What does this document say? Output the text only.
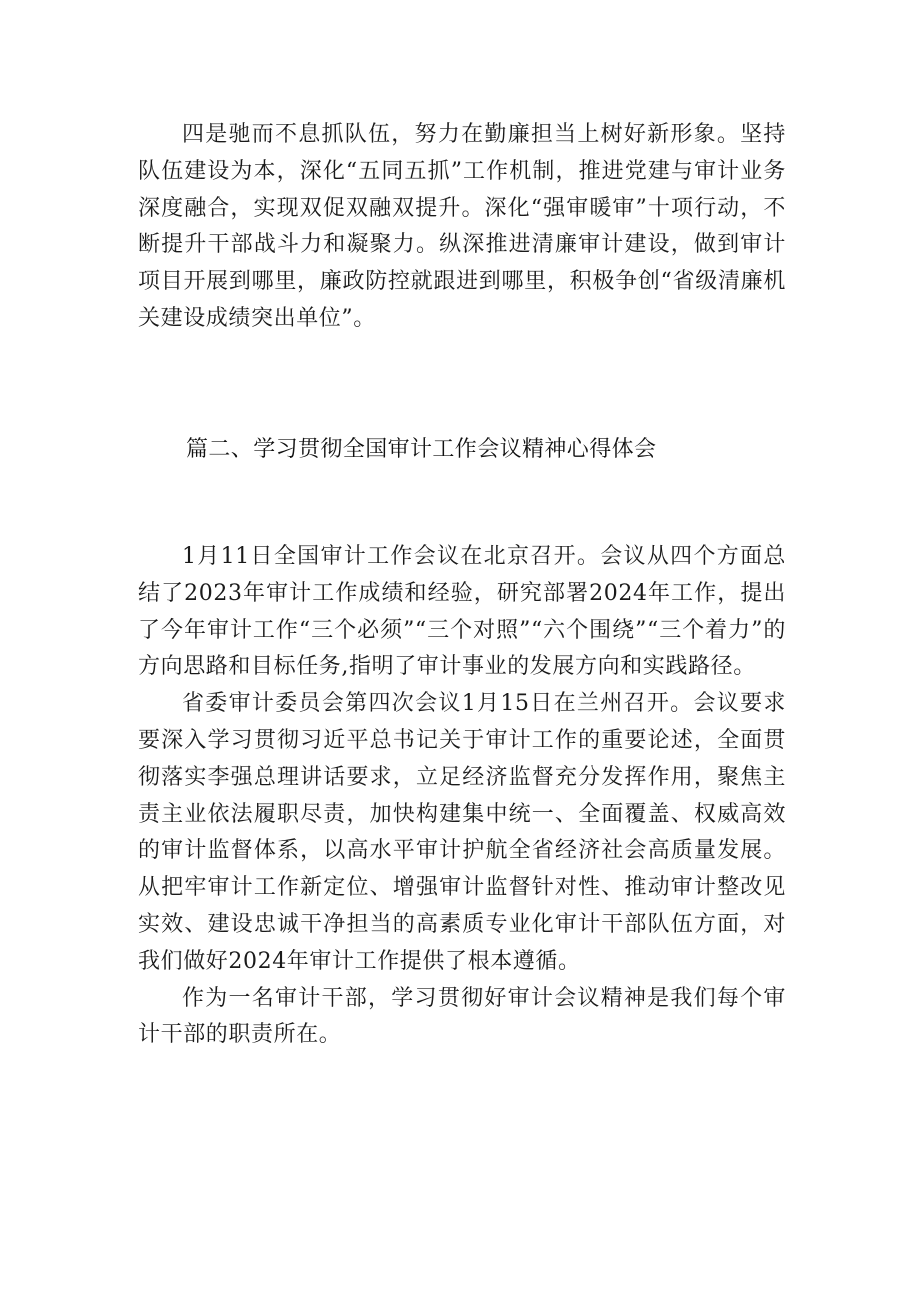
四是驰而不息抓队伍，努力在勤廉担当上树好新形象。坚持队伍建设为本，深化“五同五抓”工作机制，推进党建与审计业务深度融合，实现双促双融双提升。深化“强审暖审”十项行动，不断提升干部战斗力和凝聚力。纵深推进清廉审计建设，做到审计项目开展到哪里，廉政防控就跟进到哪里，积极争创“省级清廉机关建设成绩突出单位”。

篇二、学习贯彻全国审计工作会议精神心得体会

1月11日全国审计工作会议在北京召开。会议从四个方面总结了2023年审计工作成绩和经验，研究部署2024年工作，提出了今年审计工作“三个必须”“三个对照”“六个围绕”“三个着力”的方向思路和目标任务,指明了审计事业的发展方向和实践路径。

省委审计委员会第四次会议1月15日在兰州召开。会议要求要深入学习贯彻习近平总书记关于审计工作的重要论述，全面贯彻落实李强总理讲话要求，立足经济监督充分发挥作用，聚焦主责主业依法履职尽责，加快构建集中统一、全面覆盖、权威高效的审计监督体系，以高水平审计护航全省经济社会高质量发展。从把牢审计工作新定位、增强审计监督针对性、推动审计整改见实效、建设忠诚干净担当的高素质专业化审计干部队伍方面，对我们做好2024年审计工作提供了根本遵循。

作为一名审计干部，学习贯彻好审计会议精神是我们每个审计干部的职责所在。
